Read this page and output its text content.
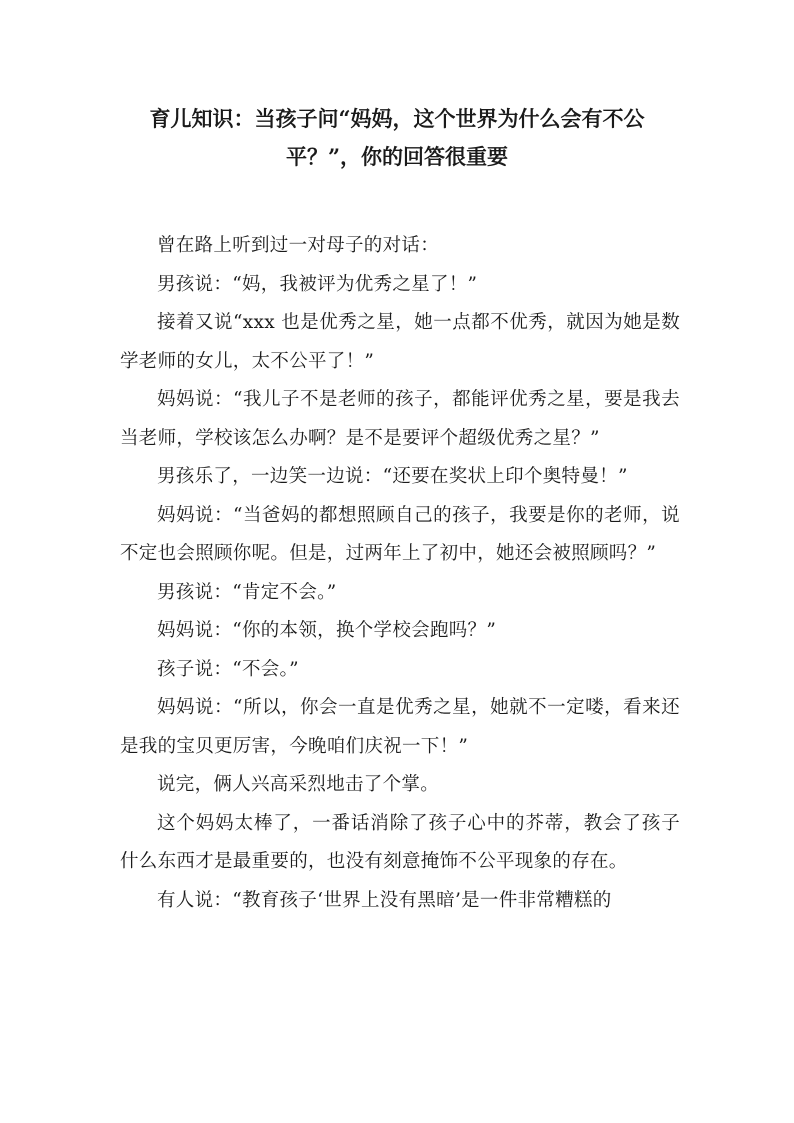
育儿知识：当孩子问“妈妈，这个世界为什么会有不公
平？”，你的回答很重要

曾在路上听到过一对母子的对话：

男孩说：“妈，我被评为优秀之星了！”

接着又说“xxx 也是优秀之星，她一点都不优秀，就因为她是数学老师的女儿，太不公平了！”

妈妈说：“我儿子不是老师的孩子，都能评优秀之星，要是我去当老师，学校该怎么办啊？是不是要评个超级优秀之星？”

男孩乐了，一边笑一边说：“还要在奖状上印个奥特曼！”

妈妈说：“当爸妈的都想照顾自己的孩子，我要是你的老师，说不定也会照顾你呢。但是，过两年上了初中，她还会被照顾吗？”

男孩说：“肯定不会。”

妈妈说：“你的本领，换个学校会跑吗？”

孩子说：“不会。”

妈妈说：“所以，你会一直是优秀之星，她就不一定喽，看来还是我的宝贝更厉害，今晚咱们庆祝一下！”

说完，俩人兴高采烈地击了个掌。

这个妈妈太棒了，一番话消除了孩子心中的芥蒂，教会了孩子什么东西才是最重要的，也没有刻意掩饰不公平现象的存在。

有人说：“教育孩子‘世界上没有黑暗’是一件非常糟糕的
